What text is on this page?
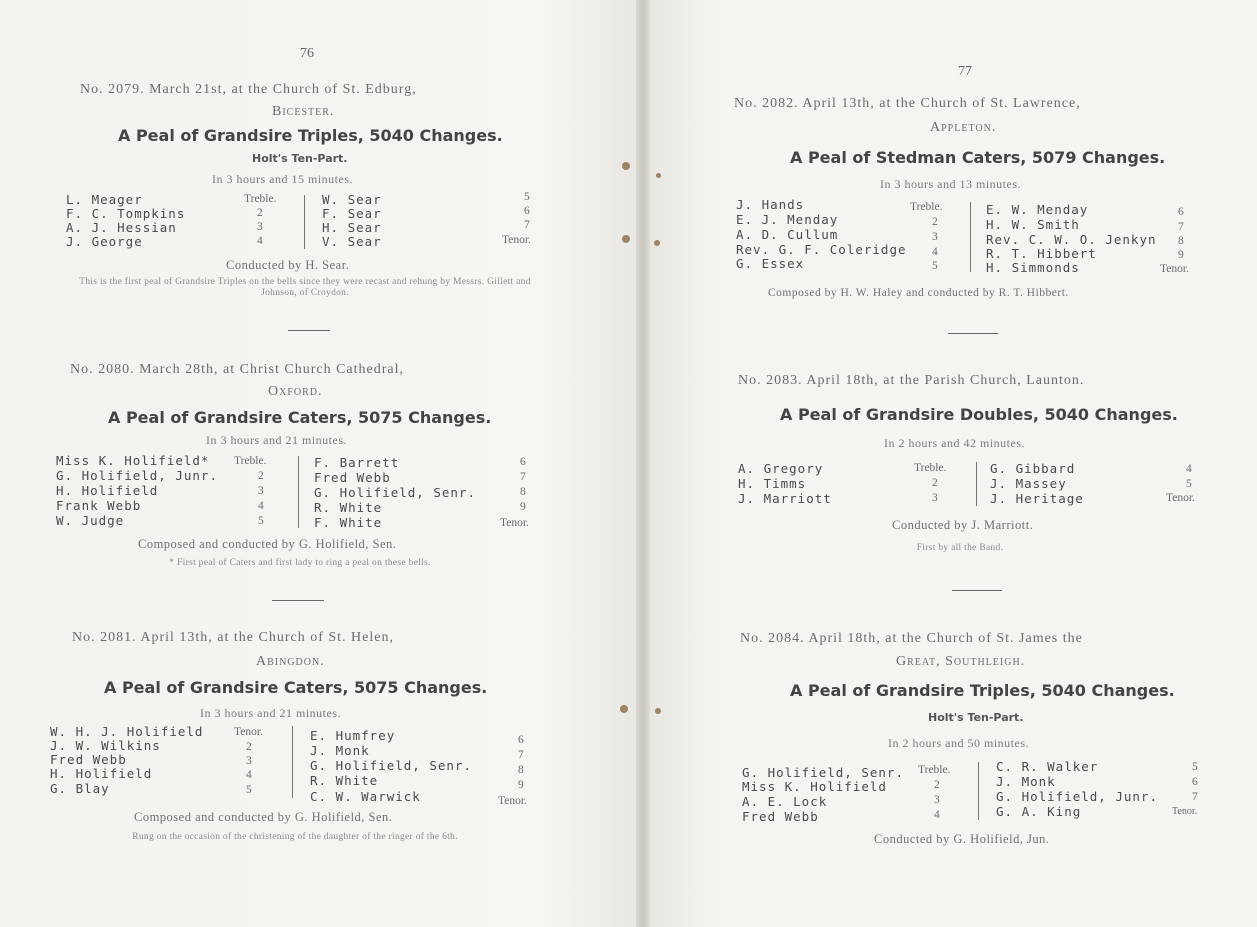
76
77
No. 2079. March 21st, at the Church of St. Edburg,
Bicester.
A Peal of Grandsire Triples, 5040 Changes.
Holt's Ten-Part.
In 3 hours and 15 minutes.
L. Meager
F. C. Tompkins
A. J. Hessian
J. George
Treble.
2
3
4
W. Sear
F. Sear
H. Sear
V. Sear
5
6
7
Tenor.
Conducted by H. Sear.
This is the first peal of Grandsire Triples on the bells since they were recast and rehung by Messrs. Gillett and Johnson, of Croydon.
No. 2080. March 28th, at Christ Church Cathedral,
Oxford.
A Peal of Grandsire Caters, 5075 Changes.
In 3 hours and 21 minutes.
Miss K. Holifield*
G. Holifield, Junr.
H. Holifield
Frank Webb
W. Judge
Treble.
2
3
4
5
F. Barrett
Fred Webb
G. Holifield, Senr.
R. White
F. White
6
7
8
9
Tenor.
Composed and conducted by G. Holifield, Sen.
* First peal of Caters and first lady to ring a peal on these bells.
No. 2081. April 13th, at the Church of St. Helen,
Abingdon.
A Peal of Grandsire Caters, 5075 Changes.
In 3 hours and 21 minutes.
W. H. J. Holifield
J. W. Wilkins
Fred Webb
H. Holifield
G. Blay
Tenor.
2
3
4
5
E. Humfrey
J. Monk
G. Holifield, Senr.
R. White
C. W. Warwick
6
7
8
9
Tenor.
Composed and conducted by G. Holifield, Sen.
Rung on the occasion of the christening of the daughter of the ringer of the 6th.
No. 2082. April 13th, at the Church of St. Lawrence,
Appleton.
A Peal of Stedman Caters, 5079 Changes.
In 3 hours and 13 minutes.
J. Hands
E. J. Menday
A. D. Cullum
Rev. G. F. Coleridge
G. Essex
Treble.
2
3
4
5
E. W. Menday
H. W. Smith
Rev. C. W. O. Jenkyn
R. T. Hibbert
H. Simmonds
6
7
8
9
Tenor.
Composed by H. W. Haley and conducted by R. T. Hibbert.
No. 2083. April 18th, at the Parish Church, Launton.
A Peal of Grandsire Doubles, 5040 Changes.
In 2 hours and 42 minutes.
A. Gregory
H. Timms
J. Marriott
Treble.
2
3
G. Gibbard
J. Massey
J. Heritage
4
5
Tenor.
Conducted by J. Marriott.
First by all the Band.
No. 2084. April 18th, at the Church of St. James the
Great, Southleigh.
A Peal of Grandsire Triples, 5040 Changes.
Holt's Ten-Part.
In 2 hours and 50 minutes.
G. Holifield, Senr.
Miss K. Holifield
A. E. Lock
Fred Webb
Treble.
2
3
4
C. R. Walker
J. Monk
G. Holifield, Junr.
G. A. King
5
6
7
Tenor.
Conducted by G. Holifield, Jun.
